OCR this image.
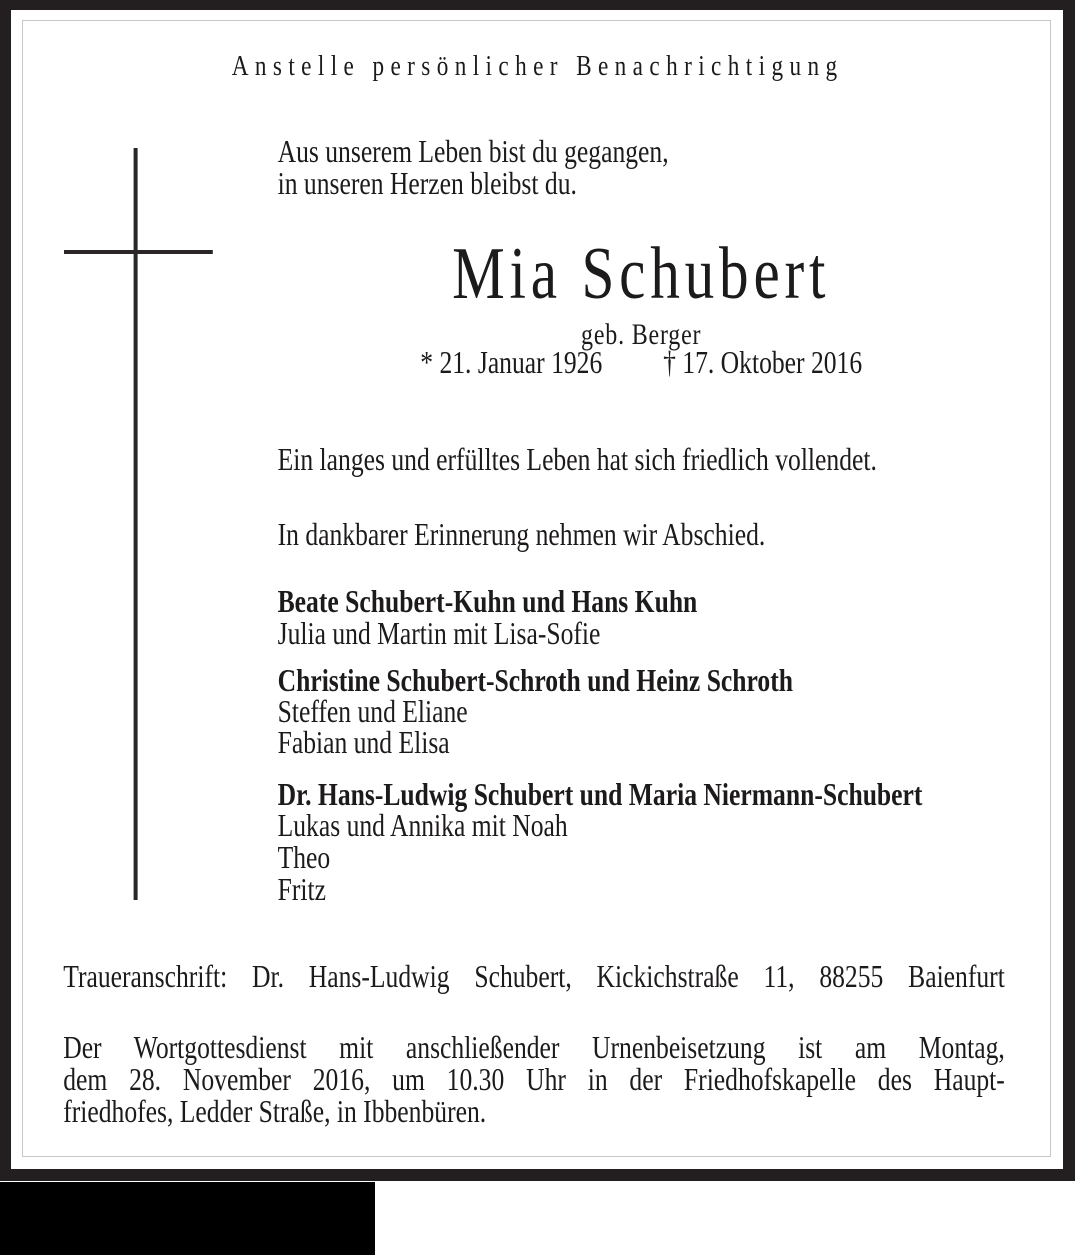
Anstelle persönlicher Benachrichtigung
Aus unserem Leben bist du gegangen,
in unseren Herzen bleibst du.
Mia Schubert
geb. Berger
* 21. Januar 1926 † 17. Oktober 2016
Ein langes und erfülltes Leben hat sich friedlich vollendet.
In dankbarer Erinnerung nehmen wir Abschied.
Beate Schubert-Kuhn und Hans Kuhn
Julia und Martin mit Lisa-Sofie
Christine Schubert-Schroth und Heinz Schroth
Steffen und Eliane
Fabian und Elisa
Dr. Hans-Ludwig Schubert und Maria Niermann-Schubert
Lukas und Annika mit Noah
Theo
Fritz
Traueranschrift: Dr. Hans-Ludwig Schubert, Kickichstraße 11, 88255 Baienfurt
Der Wortgottesdienst mit anschließender Urnenbeisetzung ist am Montag,
dem 28. November 2016, um 10.30 Uhr in der Friedhofskapelle des Haupt-
friedhofes, Ledder Straße, in Ibbenbüren.
